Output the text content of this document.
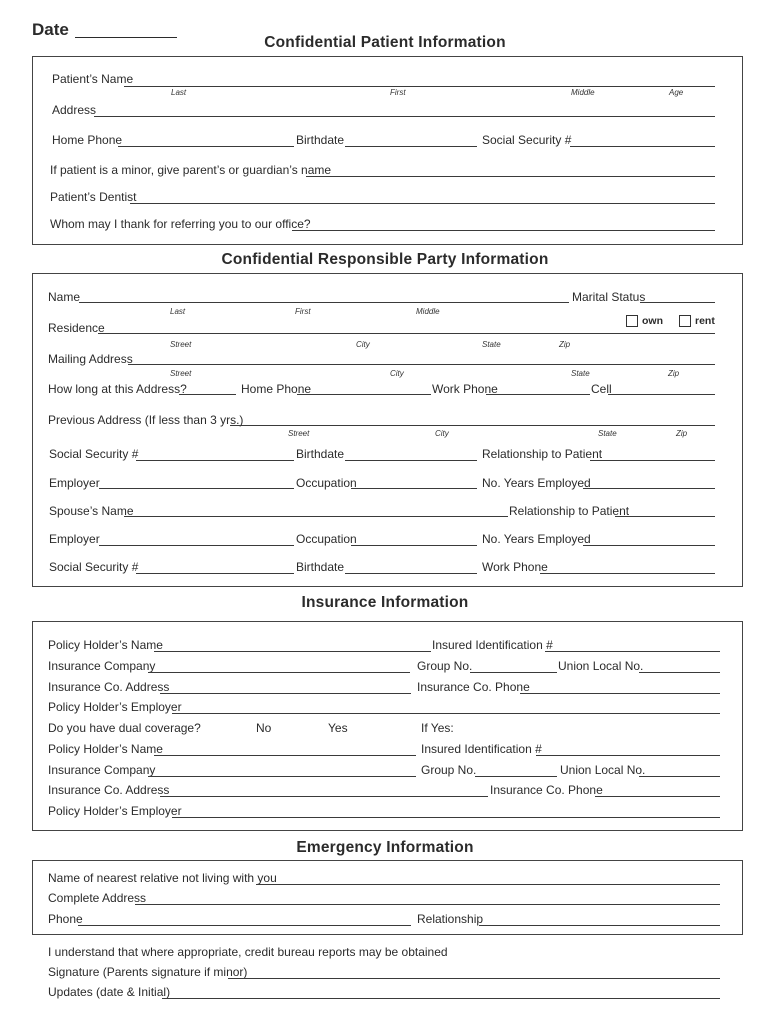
Date
Confidential Patient Information
Patient’s Name
Last	First	Middle	Age
Address
Home Phone	Birthdate	Social Security #
If patient is a minor, give parent’s or guardian’s name
Patient’s Dentist
Whom may I thank for referring you to our office?
Confidential Responsible Party Information
Name	Marital Status
Last	First	Middle
own	rent
Residence
Street	City	State	Zip
Mailing Address
Street	City	State	Zip
How long at this Address?	Home Phone	Work Phone	Cell
Previous Address (If less than 3 yrs.)
Street	City	State	Zip
Social Security #	Birthdate	Relationship to Patient
Employer	Occupation	No. Years Employed
Spouse’s Name	Relationship to Patient
Employer	Occupation	No. Years Employed
Social Security #	Birthdate	Work Phone
Insurance Information
Policy Holder’s Name	Insured Identification #
Insurance Company	Group No.	Union Local No.
Insurance Co. Address	Insurance Co. Phone
Policy Holder’s Employer
Do you have dual coverage?	No	Yes	If Yes:
Policy Holder’s Name	Insured Identification #
Insurance Company	Group No.	Union Local No.
Insurance Co. Address	Insurance Co. Phone
Policy Holder’s Employer
Emergency Information
Name of nearest relative not living with you
Complete Address
Phone	Relationship
I understand that where appropriate, credit bureau reports may be obtained
Signature (Parents signature if minor)
Updates (date & Initial)
